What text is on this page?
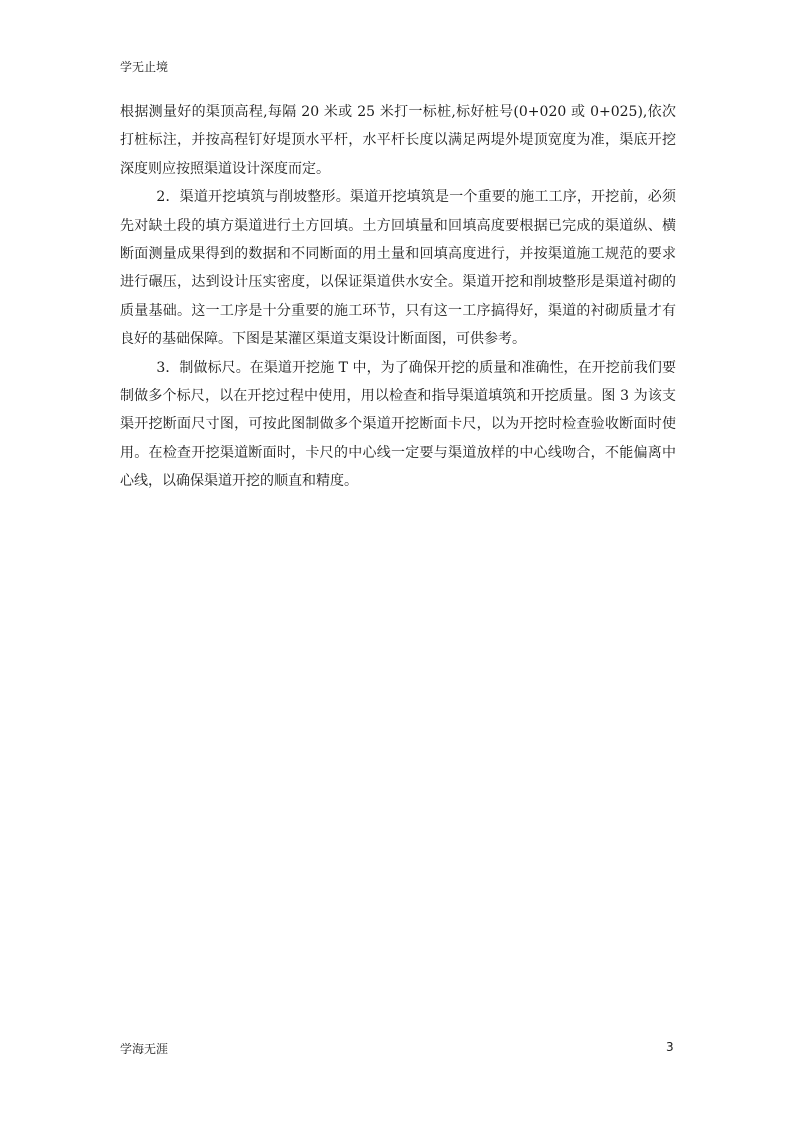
学无止境

根据测量好的渠顶高程,每隔 20 米或 25 米打一标桩,标好桩号(0+020 或 0+025),依次打桩标注，并按高程钉好堤顶水平杆，水平杆长度以满足两堤外堤顶宽度为准，渠底开挖深度则应按照渠道设计深度而定。

2．渠道开挖填筑与削坡整形。渠道开挖填筑是一个重要的施工工序，开挖前，必须先对缺土段的填方渠道进行土方回填。土方回填量和回填高度要根据已完成的渠道纵、横断面测量成果得到的数据和不同断面的用土量和回填高度进行，并按渠道施工规范的要求进行碾压，达到设计压实密度，以保证渠道供水安全。渠道开挖和削坡整形是渠道衬砌的质量基础。这一工序是十分重要的施工环节，只有这一工序搞得好，渠道的衬砌质量才有良好的基础保障。下图是某灌区渠道支渠设计断面图，可供参考。

3．制做标尺。在渠道开挖施 T 中，为了确保开挖的质量和准确性，在开挖前我们要制做多个标尺，以在开挖过程中使用，用以检查和指导渠道填筑和开挖质量。图 3 为该支渠开挖断面尺寸图，可按此图制做多个渠道开挖断面卡尺，以为开挖时检查验收断面时使用。在检查开挖渠道断面时，卡尺的中心线一定要与渠道放样的中心线吻合，不能偏离中心线，以确保渠道开挖的顺直和精度。

学海无涯	3
